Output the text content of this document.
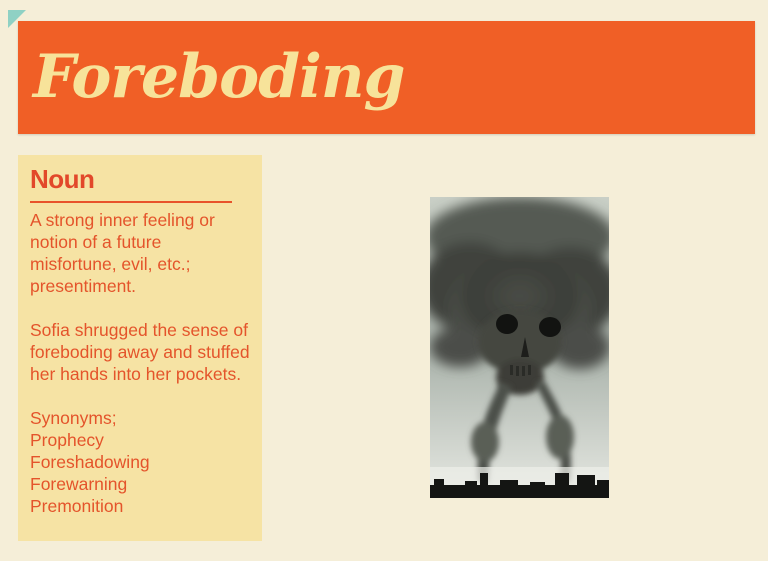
Foreboding
Noun

A strong inner feeling or notion of a future misfortune, evil, etc.; presentiment.

Sofia shrugged the sense of foreboding away and stuffed her hands into her pockets.

Synonyms;

Prophecy
Foreshadowing
Forewarning
Premonition
